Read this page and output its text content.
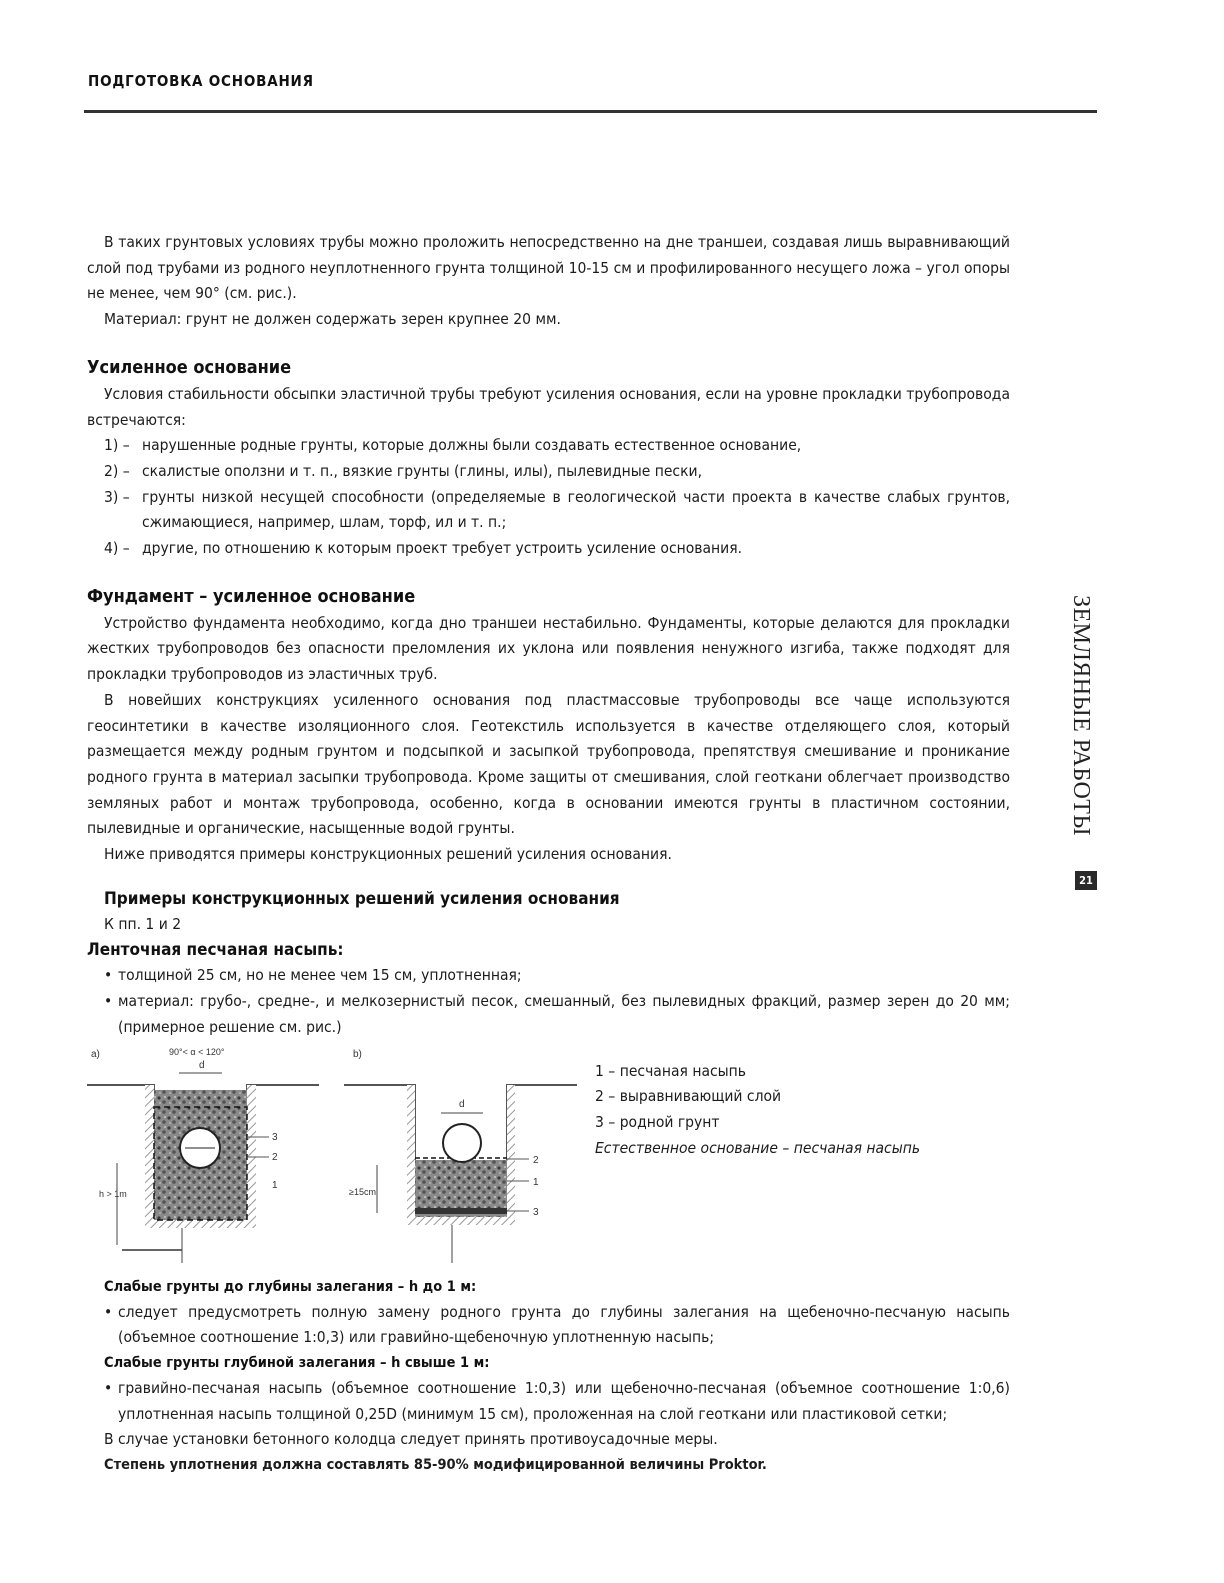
ПОДГОТОВКА ОСНОВАНИЯ
ЗЕМЛЯНЫЕ РАБОТЫ
21

В таких грунтовых условиях трубы можно проложить непосредственно на дне траншеи, создавая лишь выравнивающий слой под трубами из родного неуплотненного грунта толщиной 10-15 см и профилированного несущего ложа – угол опоры не менее, чем 90° (см. рис.).

Материал: грунт не должен содержать зерен крупнее 20 мм.

Усиленное основание

Условия стабильности обсыпки эластичной трубы требуют усиления основания, если на уровне прокладки трубопровода встречаются:

1) – нарушенные родные грунты, которые должны были создавать естественное основание,
2) – скалистые оползни и т. п., вязкие грунты (глины, илы), пылевидные пески,
3) – грунты низкой несущей способности (определяемые в геологической части проекта в качестве слабых грунтов, сжимающиеся, например, шлам, торф, ил и т. п.;
4) – другие, по отношению к которым проект требует устроить усиление основания.
Фундамент – усиленное основание

Устройство фундамента необходимо, когда дно траншеи нестабильно. Фундаменты, которые делаются для прокладки жестких трубопроводов без опасности преломления их уклона или появления ненужного изгиба, также подходят для прокладки трубопроводов из эластичных труб.

В новейших конструкциях усиленного основания под пластмассовые трубопроводы все чаще используются геосинтетики в качестве изоляционного слоя. Геотекстиль используется в качестве отделяющего слоя, который размещается между родным грунтом и подсыпкой и засыпкой трубопровода, препятствуя смешивание и проникание родного грунта в материал засыпки трубопровода. Кроме защиты от смешивания, слой геоткани облегчает производство земляных работ и монтаж трубопровода, особенно, когда в основании имеются грунты в пластичном состоянии, пылевидные и органические, насыщенные водой грунты.

Ниже приводятся примеры конструкционных решений усиления основания.

Примеры конструкционных решений усиления основания

К пп. 1 и 2

Ленточная песчаная насыпь:
• толщиной 25 см, но не менее чем 15 см, уплотненная;
• материал: грубо-, средне-, и мелкозернистый песок, смешанный, без пылевидных фракций, размер зерен до 20 мм; (примерное решение см. рис.)
a)	90°< α < 120°
d
3
2
1
h > 1m
b)
d
2
1
3
≥15cm
1 – песчаная насыпь
2 – выравнивающий слой
3 – родной грунт
Естественное основание – песчаная насыпь
Слабые грунты до глубины залегания – h до 1 м:
• следует предусмотреть полную замену родного грунта до глубины залегания на щебеночно-песчаную насыпь (объемное соотношение 1:0,3) или гравийно-щебеночную уплотненную насыпь;
Слабые грунты глубиной залегания – h свыше 1 м:
• гравийно-песчаная насыпь (объемное соотношение 1:0,3) или щебеночно-песчаная (объемное соотношение 1:0,6) уплотненная насыпь толщиной 0,25D (минимум 15 см), проложенная на слой геоткани или пластиковой сетки;

В случае установки бетонного колодца следует принять противоусадочные меры.

Степень уплотнения должна составлять 85-90% модифицированной величины Proktor.
